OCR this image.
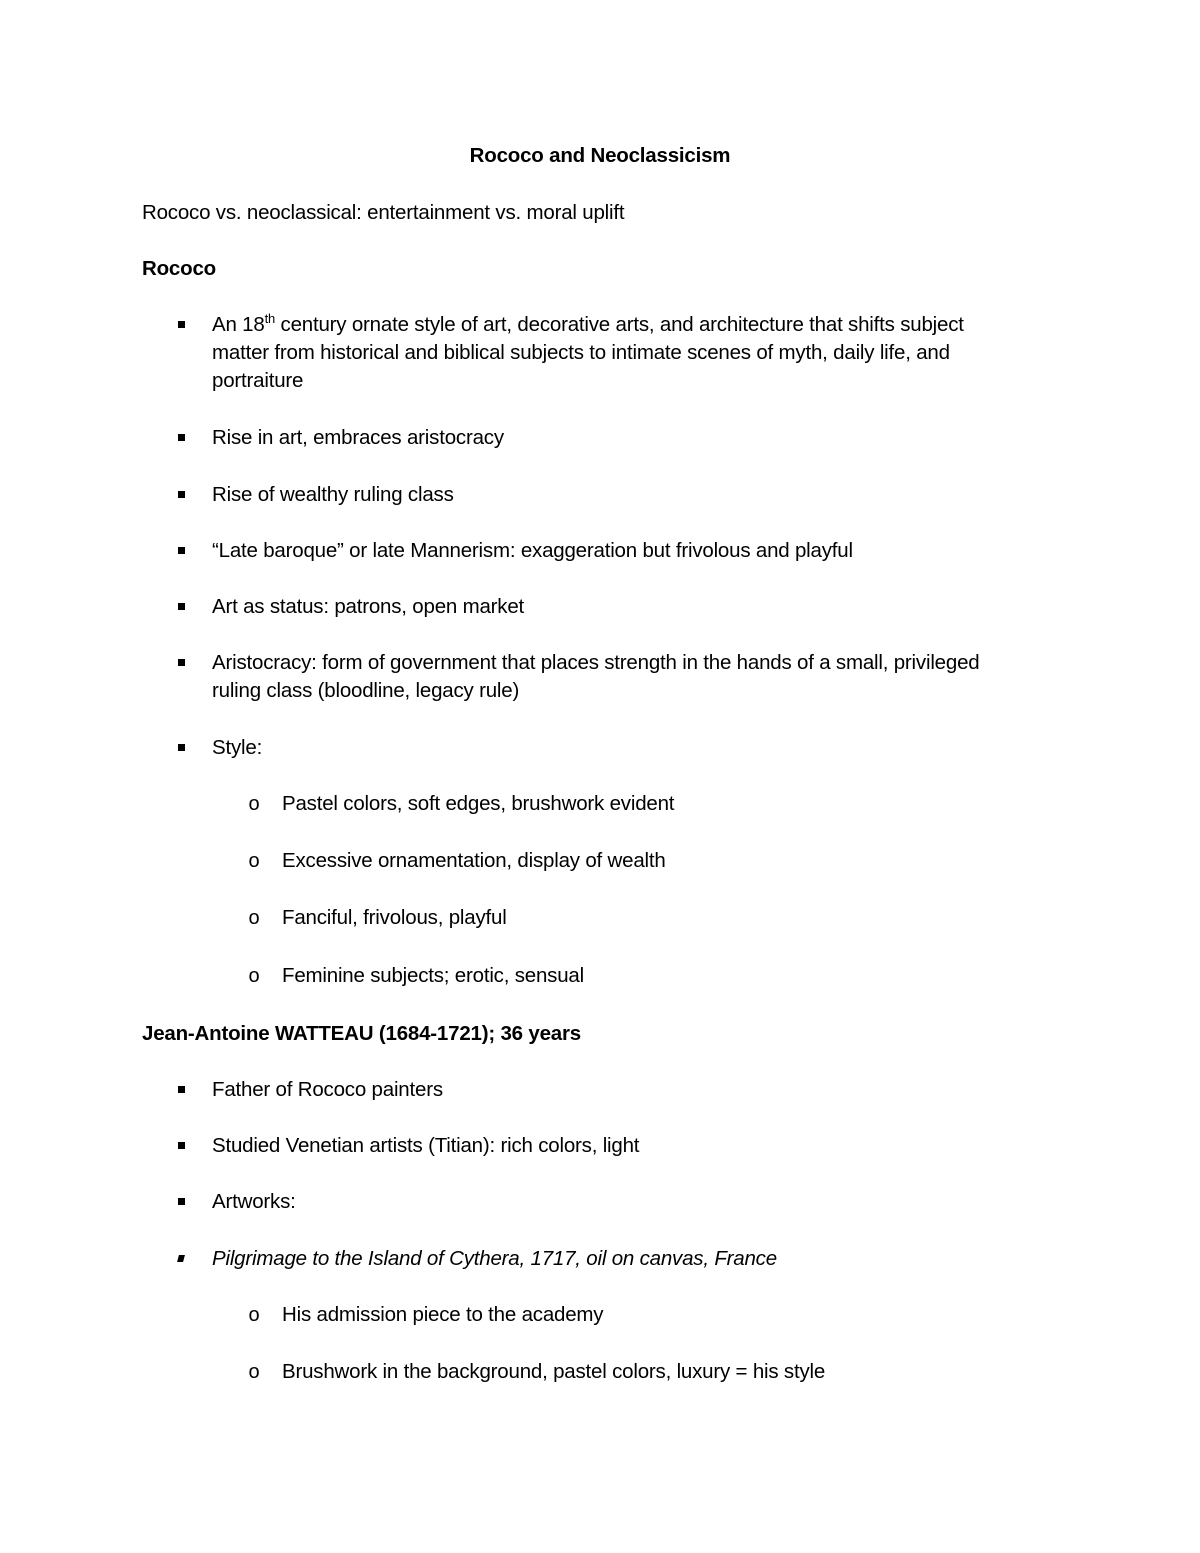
Rococo and Neoclassicism
Rococo vs. neoclassical: entertainment vs. moral uplift
Rococo
An 18th century ornate style of art, decorative arts, and architecture that shifts subject
matter from historical and biblical subjects to intimate scenes of myth, daily life, and
portraiture
Rise in art, embraces aristocracy
Rise of wealthy ruling class
“Late baroque” or late Mannerism: exaggeration but frivolous and playful
Art as status: patrons, open market
Aristocracy: form of government that places strength in the hands of a small, privileged
ruling class (bloodline, legacy rule)
Style:
o Pastel colors, soft edges, brushwork evident
o Excessive ornamentation, display of wealth
o Fanciful, frivolous, playful
o Feminine subjects; erotic, sensual
Jean-Antoine WATTEAU (1684-1721); 36 years
Father of Rococo painters
Studied Venetian artists (Titian): rich colors, light
Artworks:
Pilgrimage to the Island of Cythera, 1717, oil on canvas, France
o His admission piece to the academy
o Brushwork in the background, pastel colors, luxury = his style
